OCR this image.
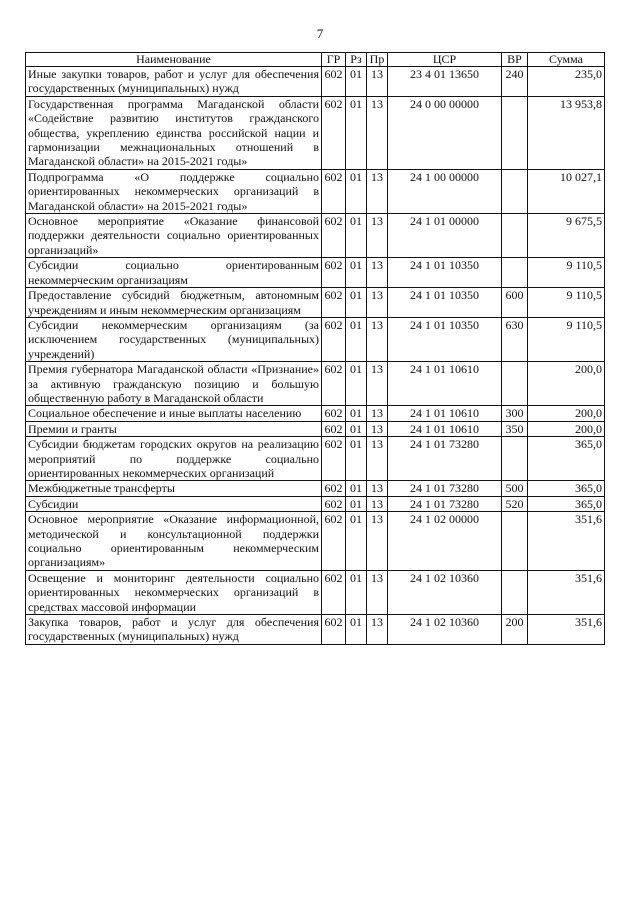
7
Наименование	ГР	Рз	Пр	ЦСР	ВР	Сумма
Иные закупки товаров, работ и услуг для обеспечения государственных (муниципальных) нужд	602	01	13	23 4 01 13650	240	235,0
Государственная программа Магаданской области «Содействие развитию институтов гражданского общества, укреплению единства российской нации и гармонизации межнациональных отношений в Магаданской области» на 2015-2021 годы»	602	01	13	24 0 00 00000		13 953,8
Подпрограмма «О поддержке социально ориентированных некоммерческих организаций в Магаданской области» на 2015-2021 годы»	602	01	13	24 1 00 00000		10 027,1
Основное мероприятие «Оказание финансовой поддержки деятельности социально ориентированных организаций»	602	01	13	24 1 01 00000		9 675,5
Субсидии социально ориентированным некоммерческим организациям	602	01	13	24 1 01 10350		9 110,5
Предоставление субсидий бюджетным, автономным учреждениям и иным некоммерческим организациям	602	01	13	24 1 01 10350	600	9 110,5
Субсидии некоммерческим организациям (за исключением государственных (муниципальных) учреждений)	602	01	13	24 1 01 10350	630	9 110,5
Премия губернатора Магаданской области «Признание» за активную гражданскую позицию и большую общественную работу в Магаданской области	602	01	13	24 1 01 10610		200,0
Социальное обеспечение и иные выплаты населению	602	01	13	24 1 01 10610	300	200,0
Премии и гранты	602	01	13	24 1 01 10610	350	200,0
Субсидии бюджетам городских округов на реализацию мероприятий по поддержке социально ориентированных некоммерческих организаций	602	01	13	24 1 01 73280		365,0
Межбюджетные трансферты	602	01	13	24 1 01 73280	500	365,0
Субсидии	602	01	13	24 1 01 73280	520	365,0
Основное мероприятие «Оказание информационной, методической и консультационной поддержки социально ориентированным некоммерческим организациям»	602	01	13	24 1 02 00000		351,6
Освещение и мониторинг деятельности социально ориентированных некоммерческих организаций в средствах массовой информации	602	01	13	24 1 02 10360		351,6
Закупка товаров, работ и услуг для обеспечения государственных (муниципальных) нужд	602	01	13	24 1 02 10360	200	351,6
